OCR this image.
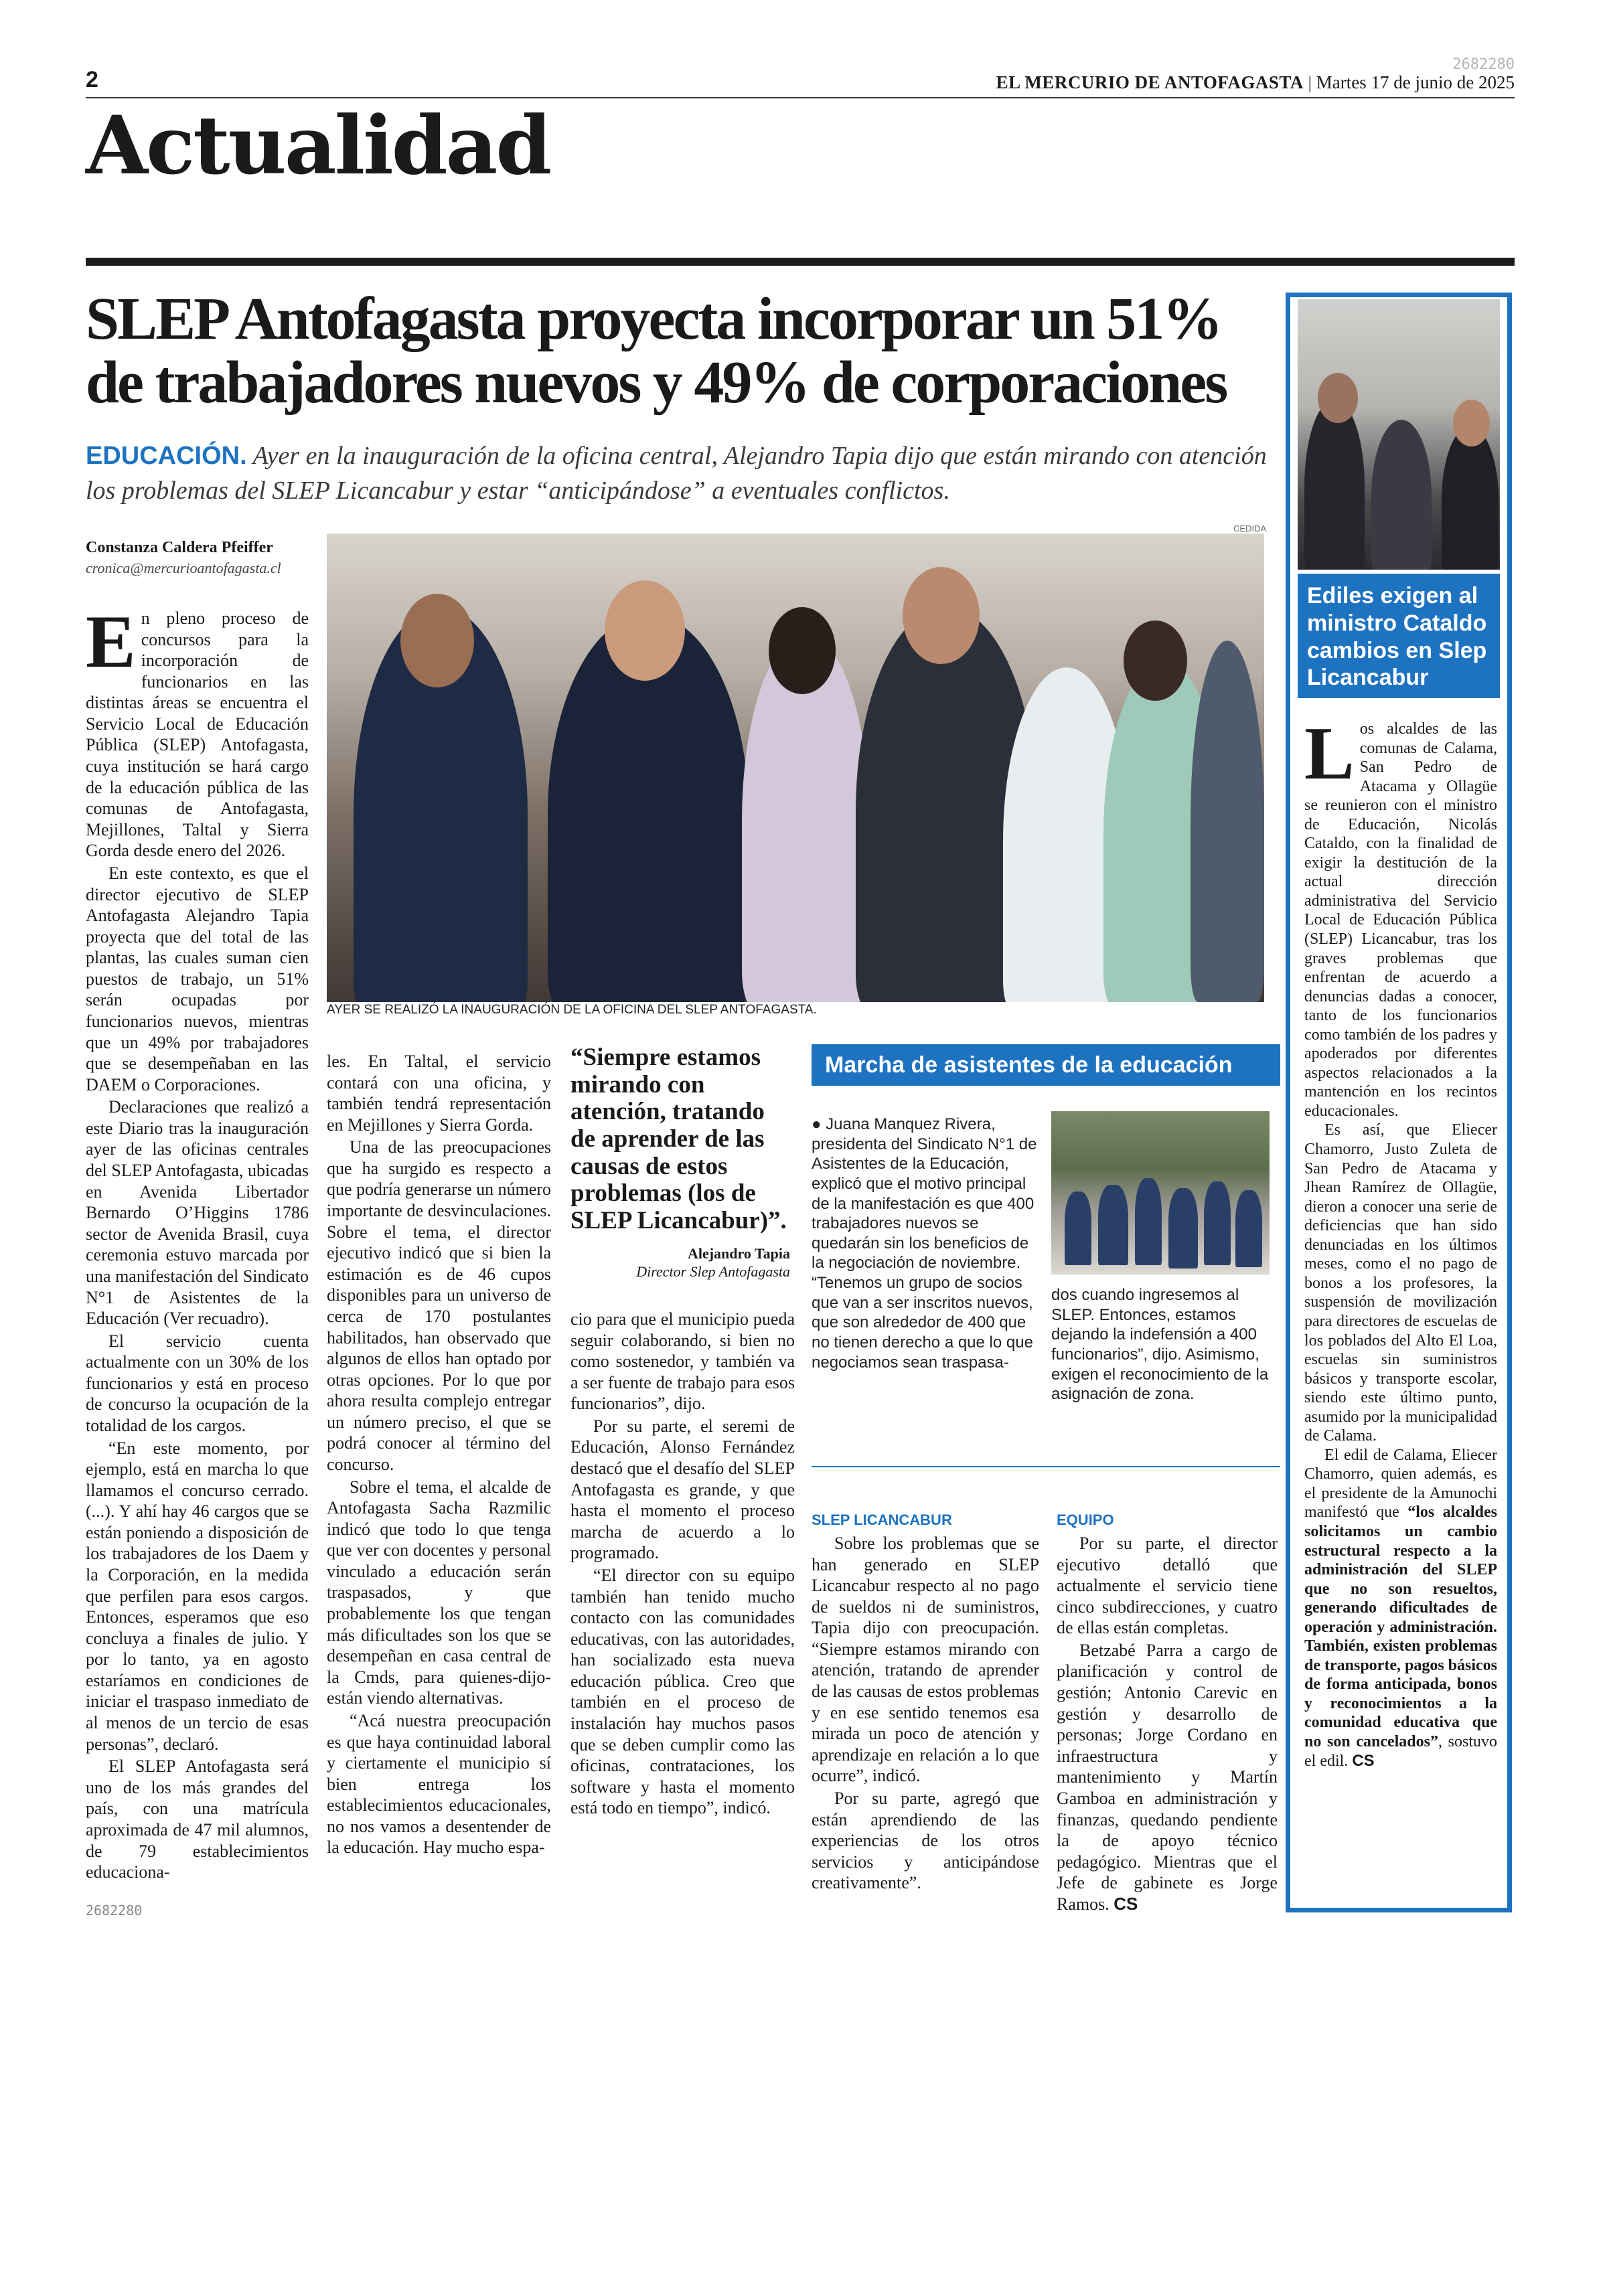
2
2682280
EL MERCURIO DE ANTOFAGASTA | Martes 17 de junio de 2025
Actualidad
SLEP Antofagasta proyecta incorporar un 51% de trabajadores nuevos y 49% de corporaciones
EDUCACIÓN. Ayer en la inauguración de la oficina central, Alejandro Tapia dijo que están mirando con atención los problemas del SLEP Licancabur y estar “anticipándose” a eventuales conflictos.
Constanza Caldera Pfeiffer
cronica@mercurioantofagasta.cl
CEDIDA
AYER SE REALIZÓ LA INAUGURACIÓN DE LA OFICINA DEL SLEP ANTOFAGASTA.

En pleno proceso de concursos para la incorporación de funcionarios en las distintas áreas se encuentra el Servicio Local de Educación Pública (SLEP) Antofagasta, cuya institución se hará cargo de la educación pública de las comunas de Antofagasta, Mejillones, Taltal y Sierra Gorda desde enero del 2026.

En este contexto, es que el director ejecutivo de SLEP Antofagasta Alejandro Tapia proyecta que del total de las plantas, las cuales suman cien puestos de trabajo, un 51% serán ocupadas por funcionarios nuevos, mientras que un 49% por trabajadores que se desempeñaban en las DAEM o Corporaciones.

Declaraciones que realizó a este Diario tras la inauguración ayer de las oficinas centrales del SLEP Antofagasta, ubicadas en Avenida Libertador Bernardo O’Higgins 1786 sector de Avenida Brasil, cuya ceremonia estuvo marcada por una manifestación del Sindicato N°1 de Asistentes de la Educación (Ver recuadro).

El servicio cuenta actualmente con un 30% de los funcionarios y está en proceso de concurso la ocupación de la totalidad de los cargos.

“En este momento, por ejemplo, está en marcha lo que llamamos el concurso cerrado. (...). Y ahí hay 46 cargos que se están poniendo a disposición de los trabajadores de los Daem y la Corporación, en la medida que perfilen para esos cargos. Entonces, esperamos que eso concluya a finales de julio. Y por lo tanto, ya en agosto estaríamos en condiciones de iniciar el traspaso inmediato de al menos de un tercio de esas personas”, declaró.

El SLEP Antofagasta será uno de los más grandes del país, con una matrícula aproximada de 47 mil alumnos, de 79 establecimientos educaciona-

les. En Taltal, el servicio contará con una oficina, y también tendrá representación en Mejillones y Sierra Gorda.

Una de las preocupaciones que ha surgido es respecto a que podría generarse un número importante de desvinculaciones. Sobre el tema, el director ejecutivo indicó que si bien la estimación es de 46 cupos disponibles para un universo de cerca de 170 postulantes habilitados, han observado que algunos de ellos han optado por otras opciones. Por lo que por ahora resulta complejo entregar un número preciso, el que se podrá conocer al término del concurso.

Sobre el tema, el alcalde de Antofagasta Sacha Razmilic indicó que todo lo que tenga que ver con docentes y personal vinculado a educación serán traspasados, y que probablemente los que tengan más dificultades son los que se desempeñan en casa central de la Cmds, para quienes-dijo- están viendo alternativas.

“Acá nuestra preocupación es que haya continuidad laboral y ciertamente el municipio sí bien entrega los establecimientos educacionales, no nos vamos a desentender de la educación. Hay mucho espa-

“Siempre estamos mirando con atención, tratando de aprender de las causas de estos problemas (los de SLEP Licancabur)”.
Alejandro Tapia
Director Slep Antofagasta

cio para que el municipio pueda seguir colaborando, si bien no como sostenedor, y también va a ser fuente de trabajo para esos funcionarios”, dijo.

Por su parte, el seremi de Educación, Alonso Fernández destacó que el desafío del SLEP Antofagasta es grande, y que hasta el momento el proceso marcha de acuerdo a lo programado.

“El director con su equipo también han tenido mucho contacto con las comunidades educativas, con las autoridades, han socializado esta nueva educación pública. Creo que también en el proceso de instalación hay muchos pasos que se deben cumplir como las oficinas, contrataciones, los software y hasta el momento está todo en tiempo”, indicó.

Marcha de asistentes de la educación

● Juana Manquez Rivera, presidenta del Sindicato N°1 de Asistentes de la Educación, explicó que el motivo principal de la manifestación es que 400 trabajadores nuevos se quedarán sin los beneficios de la negociación de noviembre. “Tenemos un grupo de socios que van a ser inscritos nuevos, que son alrededor de 400 que no tienen derecho a que lo que negociamos sean traspasa-

dos cuando ingresemos al SLEP. Entonces, estamos dejando la indefensión a 400 funcionarios”, dijo. Asimismo, exigen el reconocimiento de la asignación de zona.

SLEP LICANCABUR

Sobre los problemas que se han generado en SLEP Licancabur respecto al no pago de sueldos ni de suministros, Tapia dijo con preocupación. “Siempre estamos mirando con atención, tratando de aprender de las causas de estos problemas y en ese sentido tenemos esa mirada un poco de atención y aprendizaje en relación a lo que ocurre”, indicó.

Por su parte, agregó que están aprendiendo de las experiencias de los otros servicios y anticipándose creativamente”.

EQUIPO

Por su parte, el director ejecutivo detalló que actualmente el servicio tiene cinco subdirecciones, y cuatro de ellas están completas.

Betzabé Parra a cargo de planificación y control de gestión; Antonio Carevic en gestión y desarrollo de personas; Jorge Cordano en infraestructura y mantenimiento y Martín Gamboa en administración y finanzas, quedando pendiente la de apoyo técnico pedagógico. Mientras que el Jefe de gabinete es Jorge Ramos. CS

Ediles exigen al ministro Cataldo cambios en Slep Licancabur

Los alcaldes de las comunas de Calama, San Pedro de Atacama y Ollagüe se reunieron con el ministro de Educación, Nicolás Cataldo, con la finalidad de exigir la destitución de la actual dirección administrativa del Servicio Local de Educación Pública (SLEP) Licancabur, tras los graves problemas que enfrentan de acuerdo a denuncias dadas a conocer, tanto de los funcionarios como también de los padres y apoderados por diferentes aspectos relacionados a la mantención en los recintos educacionales.

Es así, que Eliecer Chamorro, Justo Zuleta de San Pedro de Atacama y Jhean Ramírez de Ollagüe, dieron a conocer una serie de deficiencias que han sido denunciadas en los últimos meses, como el no pago de bonos a los profesores, la suspensión de movilización para directores de escuelas de los poblados del Alto El Loa, escuelas sin suministros básicos y transporte escolar, siendo este último punto, asumido por la municipalidad de Calama.

El edil de Calama, Eliecer Chamorro, quien además, es el presidente de la Amunochi manifestó que “los alcaldes solicitamos un cambio estructural respecto a la administración del SLEP que no son resueltos, generando dificultades de operación y administración. También, existen problemas de transporte, pagos básicos de forma anticipada, bonos y reconocimientos a la comunidad educativa que no son cancelados”, sostuvo el edil. CS

2682280
